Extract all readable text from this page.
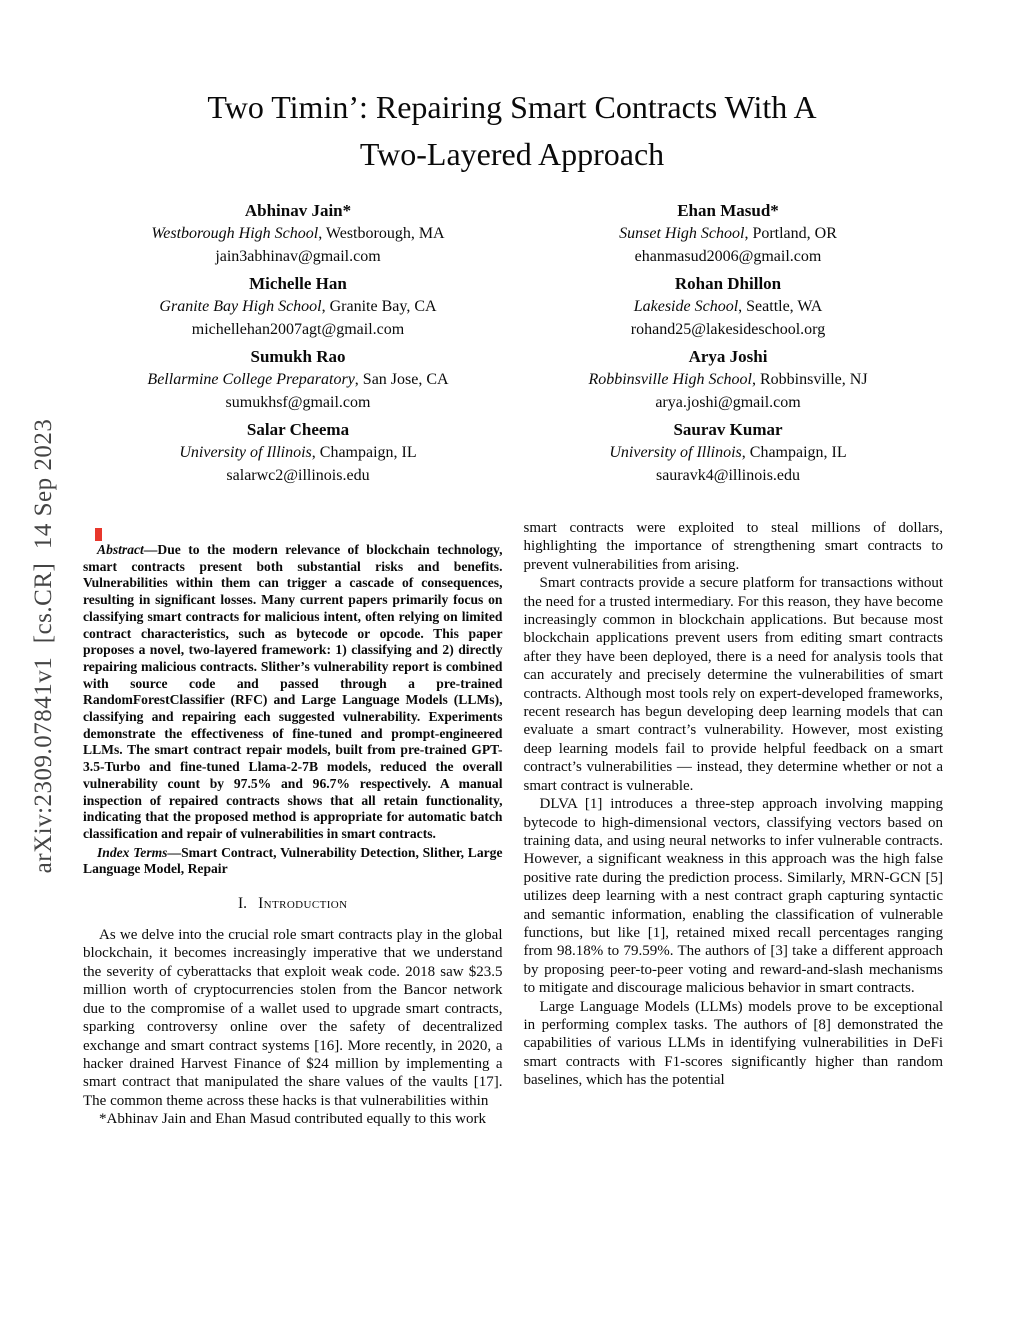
arXiv:2309.07841v1  [cs.CR]  14 Sep 2023
Two Timin’: Repairing Smart Contracts With A
Two-Layered Approach
Abhinav Jain*
Westborough High School, Westborough, MA
jain3abhinav@gmail.com
Ehan Masud*
Sunset High School, Portland, OR
ehanmasud2006@gmail.com
Michelle Han
Granite Bay High School, Granite Bay, CA
michellehan2007agt@gmail.com
Rohan Dhillon
Lakeside School, Seattle, WA
rohand25@lakesideschool.org
Sumukh Rao
Bellarmine College Preparatory, San Jose, CA
sumukhsf@gmail.com
Arya Joshi
Robbinsville High School, Robbinsville, NJ
arya.joshi@gmail.com
Salar Cheema
University of Illinois, Champaign, IL
salarwc2@illinois.edu
Saurav Kumar
University of Illinois, Champaign, IL
sauravk4@illinois.edu

Abstract—Due to the modern relevance of blockchain technology, smart contracts present both substantial risks and benefits. Vulnerabilities within them can trigger a cascade of consequences, resulting in significant losses. Many current papers primarily focus on classifying smart contracts for malicious intent, often relying on limited contract characteristics, such as bytecode or opcode. This paper proposes a novel, two-layered framework: 1) classifying and 2) directly repairing malicious contracts. Slither’s vulnerability report is combined with source code and passed through a pre-trained RandomForestClassifier (RFC) and Large Language Models (LLMs), classifying and repairing each suggested vulnerability. Experiments demonstrate the effectiveness of fine-tuned and prompt-engineered LLMs. The smart contract repair models, built from pre-trained GPT-3.5-Turbo and fine-tuned Llama-2-7B models, reduced the overall vulnerability count by 97.5% and 96.7% respectively. A manual inspection of repaired contracts shows that all retain functionality, indicating that the proposed method is appropriate for automatic batch classification and repair of vulnerabilities in smart contracts.

Index Terms—Smart Contract, Vulnerability Detection, Slither, Large Language Model, Repair

I. Introduction

As we delve into the crucial role smart contracts play in the global blockchain, it becomes increasingly imperative that we understand the severity of cyberattacks that exploit weak code. 2018 saw $23.5 million worth of cryptocurrencies stolen from the Bancor network due to the compromise of a wallet used to upgrade smart contracts, sparking controversy online over the safety of decentralized exchange and smart contract systems [16]. More recently, in 2020, a hacker drained Harvest Finance of $24 million by implementing a smart contract that manipulated the share values of the vaults [17]. The common theme across these hacks is that vulnerabilities within

*Abhinav Jain and Ehan Masud contributed equally to this work

smart contracts were exploited to steal millions of dollars, highlighting the importance of strengthening smart contracts to prevent vulnerabilities from arising.

Smart contracts provide a secure platform for transactions without the need for a trusted intermediary. For this reason, they have become increasingly common in blockchain applications. But because most blockchain applications prevent users from editing smart contracts after they have been deployed, there is a need for analysis tools that can accurately and precisely determine the vulnerabilities of smart contracts. Although most tools rely on expert-developed frameworks, recent research has begun developing deep learning models that can evaluate a smart contract’s vulnerability. However, most existing deep learning models fail to provide helpful feedback on a smart contract’s vulnerabilities — instead, they determine whether or not a smart contract is vulnerable.

DLVA [1] introduces a three-step approach involving mapping bytecode to high-dimensional vectors, classifying vectors based on training data, and using neural networks to infer vulnerable contracts. However, a significant weakness in this approach was the high false positive rate during the prediction process. Similarly, MRN-GCN [5] utilizes deep learning with a nest contract graph capturing syntactic and semantic information, enabling the classification of vulnerable functions, but like [1], retained mixed recall percentages ranging from 98.18% to 79.59%. The authors of [3] take a different approach by proposing peer-to-peer voting and reward-and-slash mechanisms to mitigate and discourage malicious behavior in smart contracts.

Large Language Models (LLMs) models prove to be exceptional in performing complex tasks. The authors of [8] demonstrated the capabilities of various LLMs in identifying vulnerabilities in DeFi smart contracts with F1-scores significantly higher than random baselines, which has the potential
